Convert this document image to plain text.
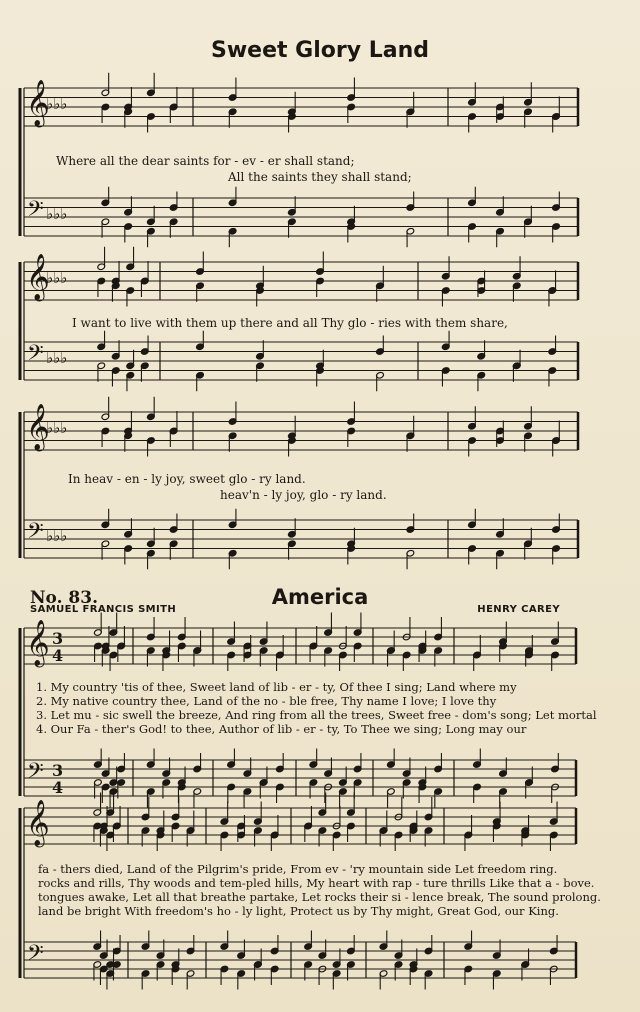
Sweet Glory Land
𝄞
𝄢
♭♭♭
♭♭♭
𝄞
𝄢
♭♭♭
♭♭♭
𝄞
𝄢
♭♭♭
♭♭♭
𝄞
𝄢
𝄞
𝄢
3
3
4
4
Where all the dear saints for - ev - er shall stand;
All the saints they shall stand;
I want to live with them up there and all Thy glo - ries with them share,
In heav - en - ly joy, sweet glo - ry land.
heav'n - ly joy, glo - ry land.
No. 83.	America
SAMUEL FRANCIS SMITH	HENRY CAREY
1. My country 'tis of thee, Sweet land of lib - er - ty, Of thee I sing; Land where my
2. My native country thee, Land of the no - ble free, Thy name I love; I love thy
3. Let mu - sic swell the breeze, And ring from all the trees, Sweet free - dom's song; Let mortal
4. Our Fa - ther's God! to thee, Author of lib - er - ty, To Thee we sing; Long may our
fa - thers died, Land of the Pilgrim's pride, From ev - 'ry mountain side Let freedom ring.
rocks and rills, Thy woods and tem-pled hills, My heart with rap - ture thrills Like that a - bove.
tongues awake, Let all that breathe partake, Let rocks their si - lence break, The sound prolong.
land be bright With freedom's ho - ly light, Protect us by Thy might, Great God, our King.
